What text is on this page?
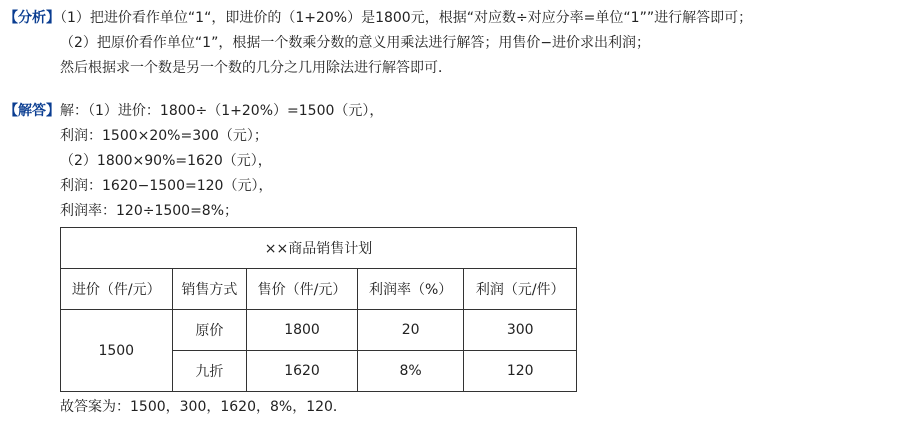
【分析】（1）把进价看作单位“1“，即进价的（1+20%）是1800元，根据“对应数÷对应分率=单位“1””进行解答即可；
（2）把原价看作单位“1”，根据一个数乘分数的意义用乘法进行解答；用售价−进价求出利润；
然后根据求一个数是另一个数的几分之几用除法进行解答即可．
【解答】解：（1）进价：1800÷（1+20%）=1500（元），
利润：1500×20%=300（元）；
（2）1800×90%=1620（元），
利润：1620−1500=120（元），
利润率：120÷1500=8%；
××商品销售计划				
进价（件/元）	销售方式	售价（件/元）	利润率（%）	利润（元/件）
1500	原价	1800	20	300
	九折	1620	8%	120
故答案为：1500，300，1620，8%，120．
